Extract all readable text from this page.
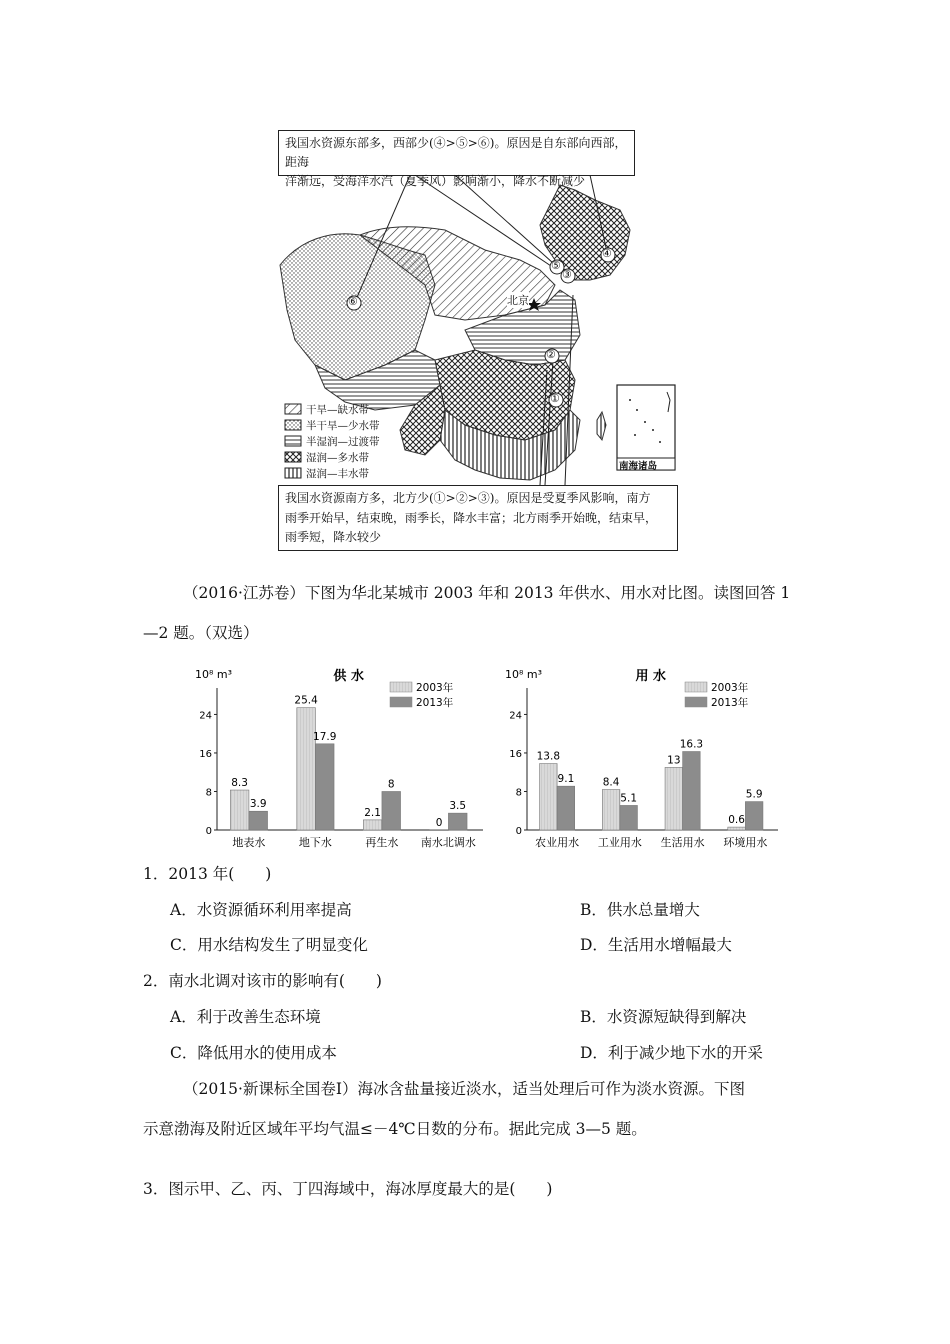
④
⑤
③
⑥
②
①
北京
南海诸岛
干旱—缺水带
半干旱—少水带
半湿润—过渡带
湿润—多水带
湿润—丰水带
我国水资源东部多，西部少(④>⑤>⑥)。原因是自东部向西部，距海
洋渐远，受海洋水汽（夏季风）影响渐小，降水不断减少
我国水资源南方多，北方少(①>②>③)。原因是受夏季风影响，南方
雨季开始早，结束晚，雨季长，降水丰富；北方雨季开始晚，结束早，
雨季短，降水较少
（2016·江苏卷）下图为华北某城市 2003 年和 2013 年供水、用水对比图。读图回答 1
—2 题。（双选）
10⁸ m³	供 水
0
8
16
24
2003年
2013年
8.3
3.9
地表水
25.4
17.9
地下水
2.1
8
再生水
0
3.5
南水北调水
10⁸ m³	用 水
0
8
16
24
2003年
2013年
13.8
9.1
农业用水
8.4
5.1
工业用水
13
16.3
生活用水
0.6
5.9
环境用水
1．2013 年(　　)
A．水资源循环利用率提高	B．供水总量增大
C．用水结构发生了明显变化	D．生活用水增幅最大
2．南水北调对该市的影响有(　　)
A．利于改善生态环境	B．水资源短缺得到解决
C．降低用水的使用成本	D．利于减少地下水的开采
（2015·新课标全国卷Ⅰ）海冰含盐量接近淡水，适当处理后可作为淡水资源。下图
示意渤海及附近区域年平均气温≤－4℃日数的分布。据此完成 3—5 题。
3．图示甲、乙、丙、丁四海域中，海冰厚度最大的是(　　)
